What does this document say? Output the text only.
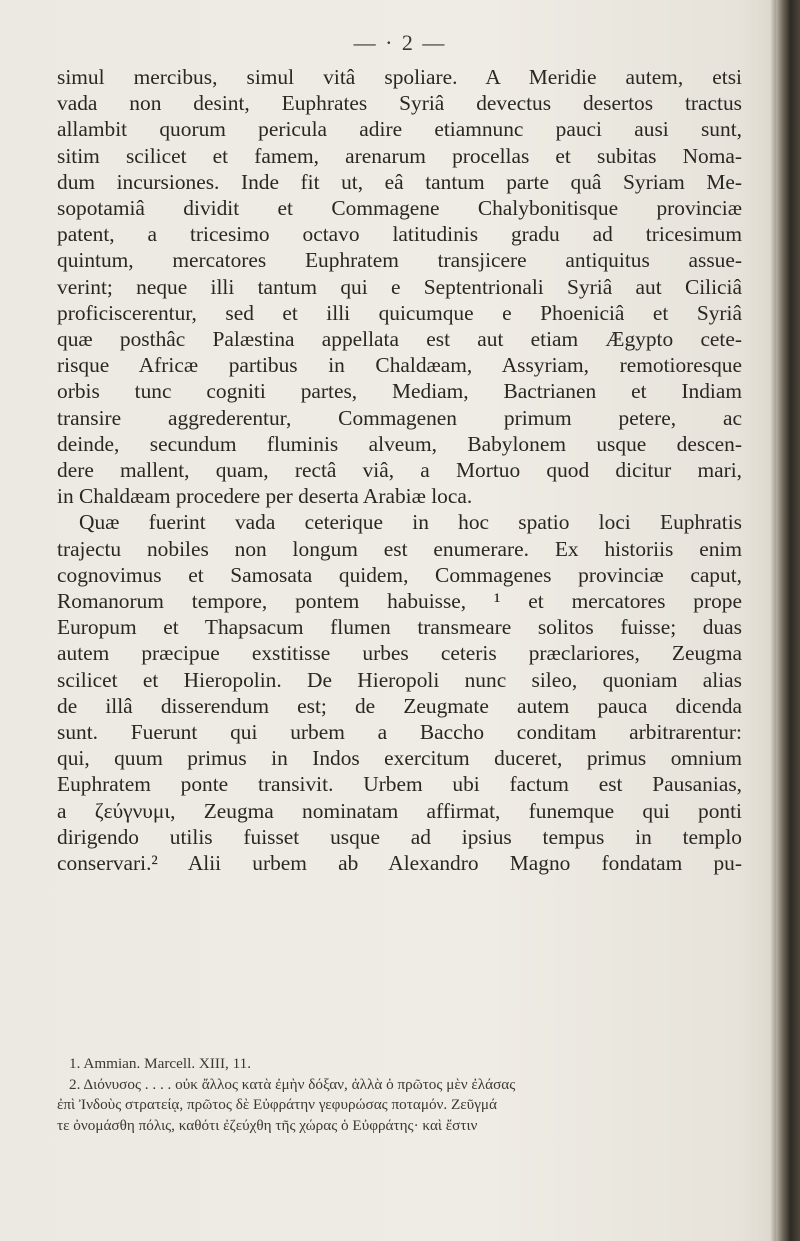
— · 2 —
simul mercibus, simul vitâ spoliare. A Meridie autem, etsi
vada non desint, Euphrates Syriâ devectus desertos tractus
allambit quorum pericula adire etiamnunc pauci ausi sunt,
sitim scilicet et famem, arenarum procellas et subitas Noma-
dum incursiones. Inde fit ut, eâ tantum parte quâ Syriam Me-
sopotamiâ dividit et Commagene Chalybonitisque provinciæ
patent, a tricesimo octavo latitudinis gradu ad tricesimum
quintum, mercatores Euphratem transjicere antiquitus assue-
verint; neque illi tantum qui e Septentrionali Syriâ aut Ciliciâ
proficiscerentur, sed et illi quicumque e Phoeniciâ et Syriâ
quæ posthâc Palæstina appellata est aut etiam Ægypto cete-
risque Africæ partibus in Chaldæam, Assyriam, remotioresque
orbis tunc cogniti partes, Mediam, Bactrianen et Indiam
transire aggrederentur, Commagenen primum petere, ac
deinde, secundum fluminis alveum, Babylonem usque descen-
dere mallent, quam, rectâ viâ, a Mortuo quod dicitur mari,
in Chaldæam procedere per deserta Arabiæ loca.
Quæ fuerint vada ceterique in hoc spatio loci Euphratis
trajectu nobiles non longum est enumerare. Ex historiis enim
cognovimus et Samosata quidem, Commagenes provinciæ caput,
Romanorum tempore, pontem habuisse, ¹ et mercatores prope
Europum et Thapsacum flumen transmeare solitos fuisse; duas
autem præcipue exstitisse urbes ceteris præclariores, Zeugma
scilicet et Hieropolin. De Hieropoli nunc sileo, quoniam alias
de illâ disserendum est; de Zeugmate autem pauca dicenda
sunt. Fuerunt qui urbem a Baccho conditam arbitrarentur:
qui, quum primus in Indos exercitum duceret, primus omnium
Euphratem ponte transivit. Urbem ubi factum est Pausanias,
a ζεύγνυμι, Zeugma nominatam affirmat, funemque qui ponti
dirigendo utilis fuisset usque ad ipsius tempus in templo
conservari.² Alii urbem ab Alexandro Magno fondatam pu-
1. Ammian. Marcell. XIII, 11.
2. Διόνυσος . . . . οὐκ ἄλλος κατὰ ἐμὴν δόξαν, ἀλλὰ ὁ πρῶτος μὲν ἐλάσας
ἐπὶ Ἰνδοὺς στρατείᾳ, πρῶτος δὲ Εὐφράτην γεφυρώσας ποταμόν. Ζεῦγμά
τε ὀνομάσθη πόλις, καθότι ἐζεύχθη τῆς χώρας ὁ Εὐφράτης· καὶ ἔστιν
